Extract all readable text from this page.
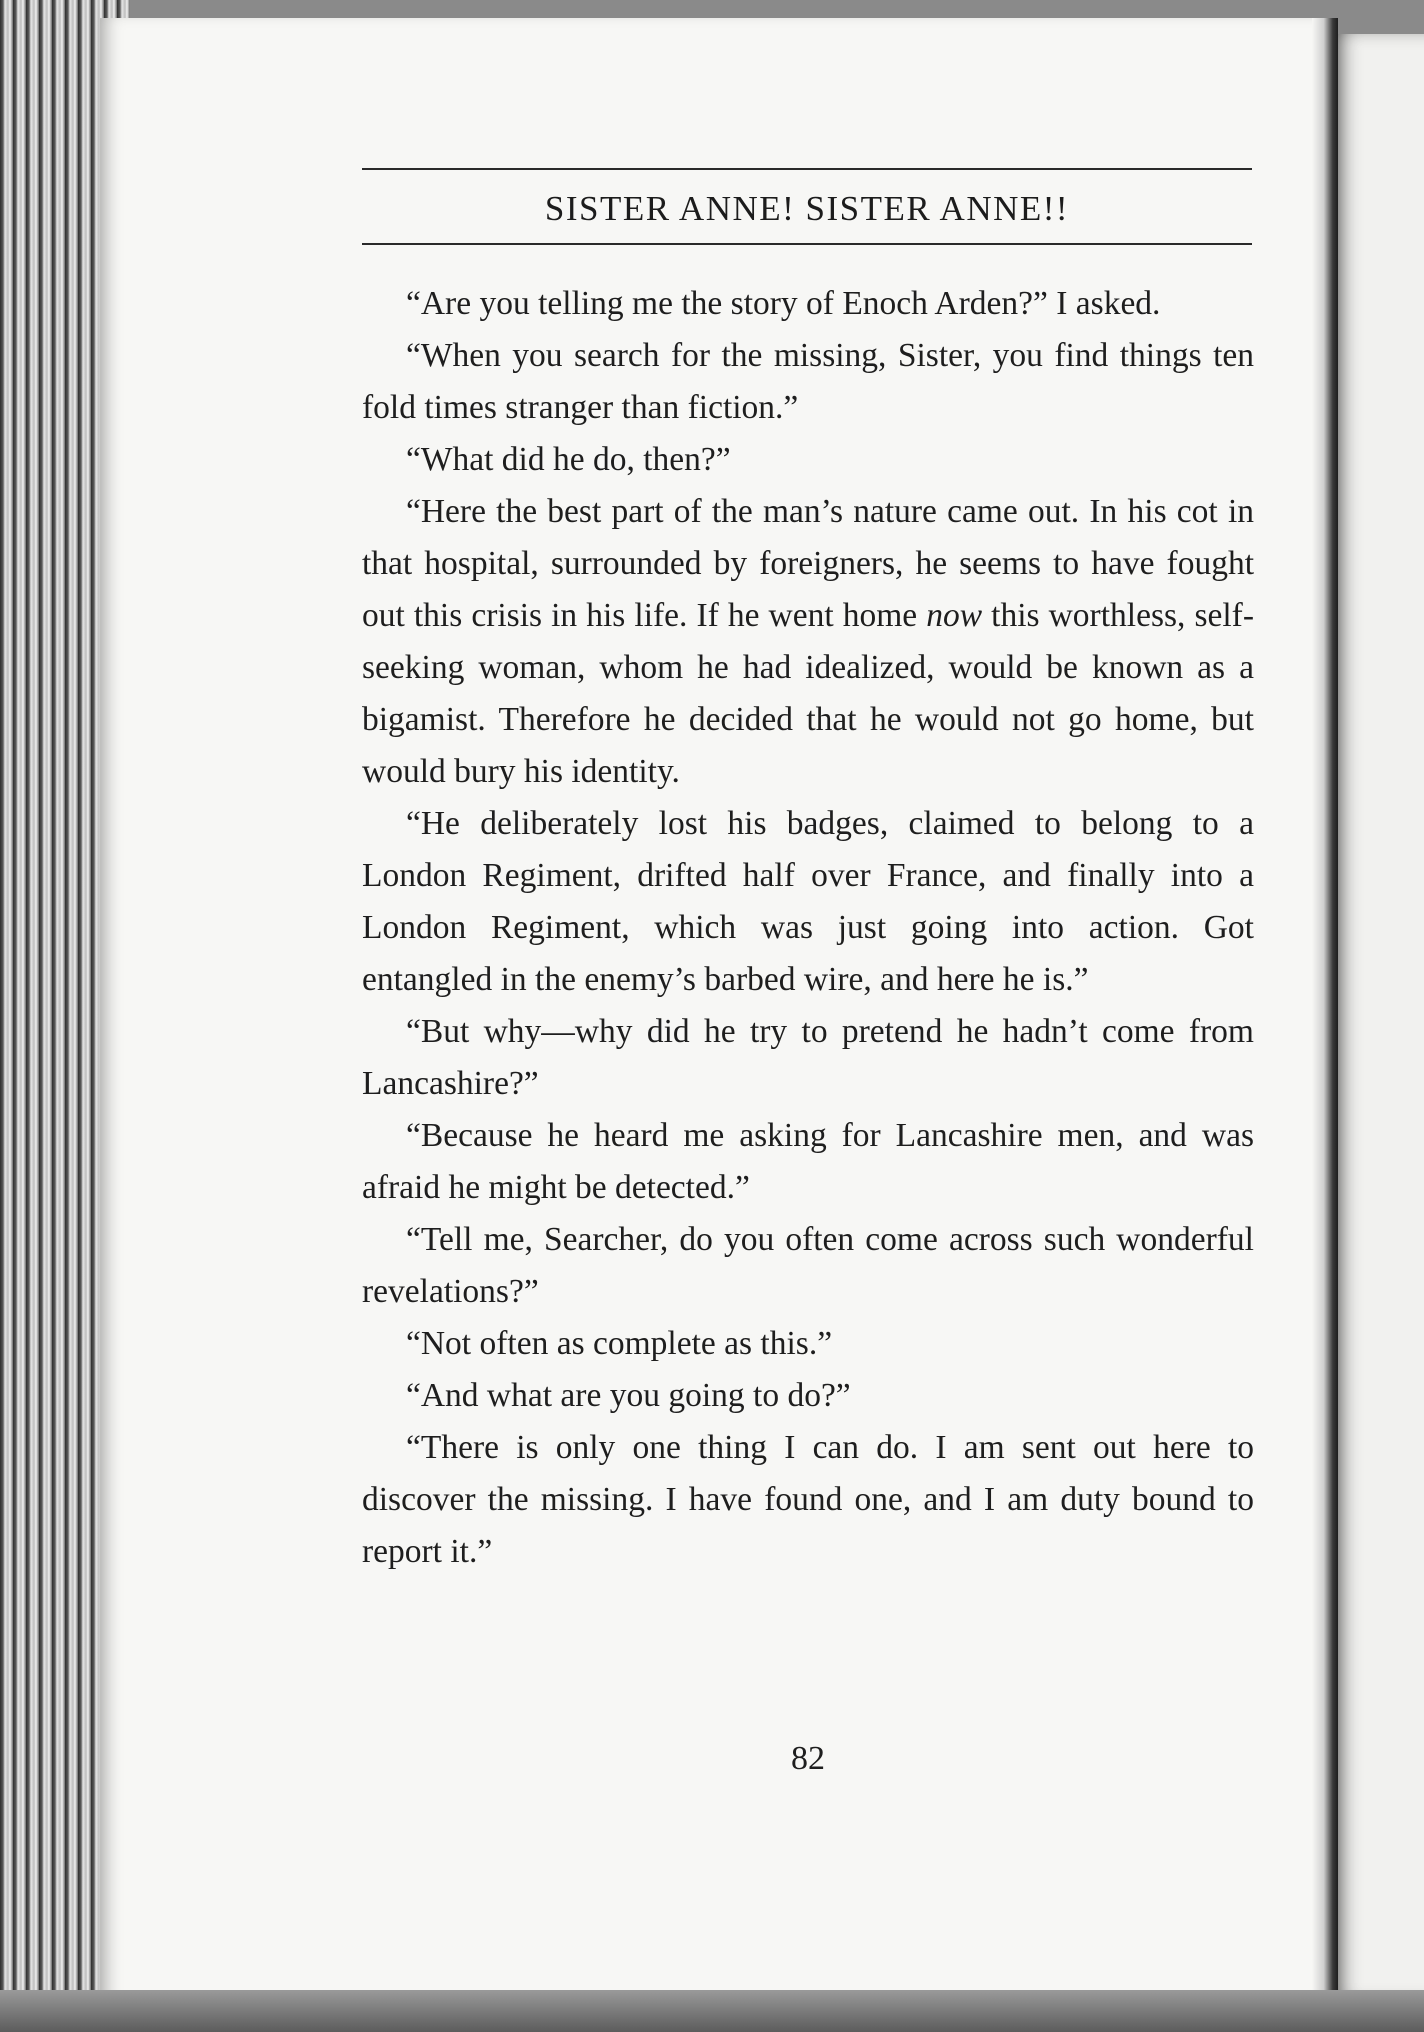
SISTER ANNE! SISTER ANNE!!

“Are you telling me the story of Enoch Arden?” I asked.

“When you search for the missing, Sister, you find things ten fold times stranger than fiction.”

“What did he do, then?”

“Here the best part of the man’s nature came out. In his cot in that hospital, surrounded by foreigners, he seems to have fought out this crisis in his life. If he went home now this worthless, self-seeking woman, whom he had idealized, would be known as a bigamist. Therefore he decided that he would not go home, but would bury his identity.

“He deliberately lost his badges, claimed to belong to a London Regiment, drifted half over France, and finally into a London Regiment, which was just going into action. Got entangled in the enemy’s barbed wire, and here he is.”

“But why—why did he try to pretend he hadn’t come from Lancashire?”

“Because he heard me asking for Lancashire men, and was afraid he might be detected.”

“Tell me, Searcher, do you often come across such wonderful revelations?”

“Not often as complete as this.”

“And what are you going to do?”

“There is only one thing I can do. I am sent out here to discover the missing. I have found one, and I am duty bound to report it.”

82
